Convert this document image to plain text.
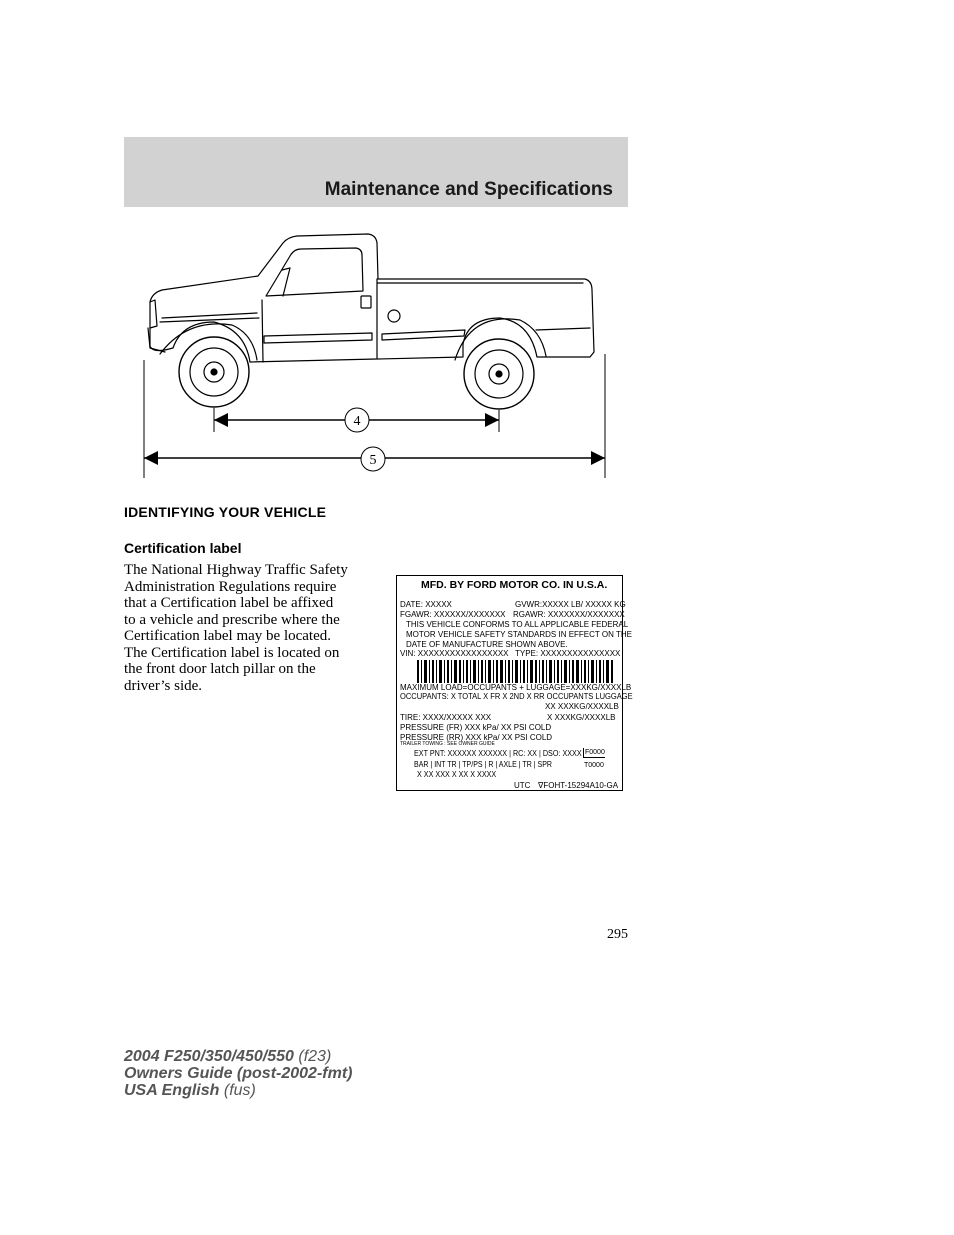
Maintenance and Specifications
4
5
IDENTIFYING YOUR VEHICLE
Certification label
The National Highway Traffic Safety
Administration Regulations require
that a Certification label be affixed
to a vehicle and prescribe where the
Certification label may be located.
The Certification label is located on
the front door latch pillar on the
driver’s side.
MFD. BY FORD MOTOR CO. IN U.S.A.
DATE: XXXXX	GVWR:XXXXX LB/ XXXXX KG
FGAWR: XXXXXX/XXXXXXX RGAWR: XXXXXXX/XXXXXXX
THIS VEHICLE CONFORMS TO ALL APPLICABLE FEDERAL
MOTOR VEHICLE SAFETY STANDARDS IN EFFECT ON THE
DATE OF MANUFACTURE SHOWN ABOVE.
VIN: XXXXXXXXXXXXXXXXX TYPE: XXXXXXXXXXXXXXX
MAXIMUM LOAD=OCCUPANTS + LUGGAGE=XXXKG/XXXXLB
OCCUPANTS: X TOTAL X FR X 2ND X RR OCCUPANTS LUGGAGE
XX XXXKG/XXXXLB
X XXXKG/XXXXLB
TIRE: XXXX/XXXXX XXX
PRESSURE (FR) XXX kPa/ XX PSI COLD
PRESSURE (RR) XXX kPa/ XX PSI COLD
TRAILER TOWING : SEE OWNER GUIDE
EXT PNT: XXXXXX XXXXXX | RC: XX | DSO: XXXX F0000
BAR | INT TR | TP/PS | R | AXLE | TR | SPR	T0000
X XX XXX X XX X XXXX
UTC ∇FOHT-15294A10-GA
295
2004 F250/350/450/550 (f23)
Owners Guide (post-2002-fmt)
USA English (fus)
